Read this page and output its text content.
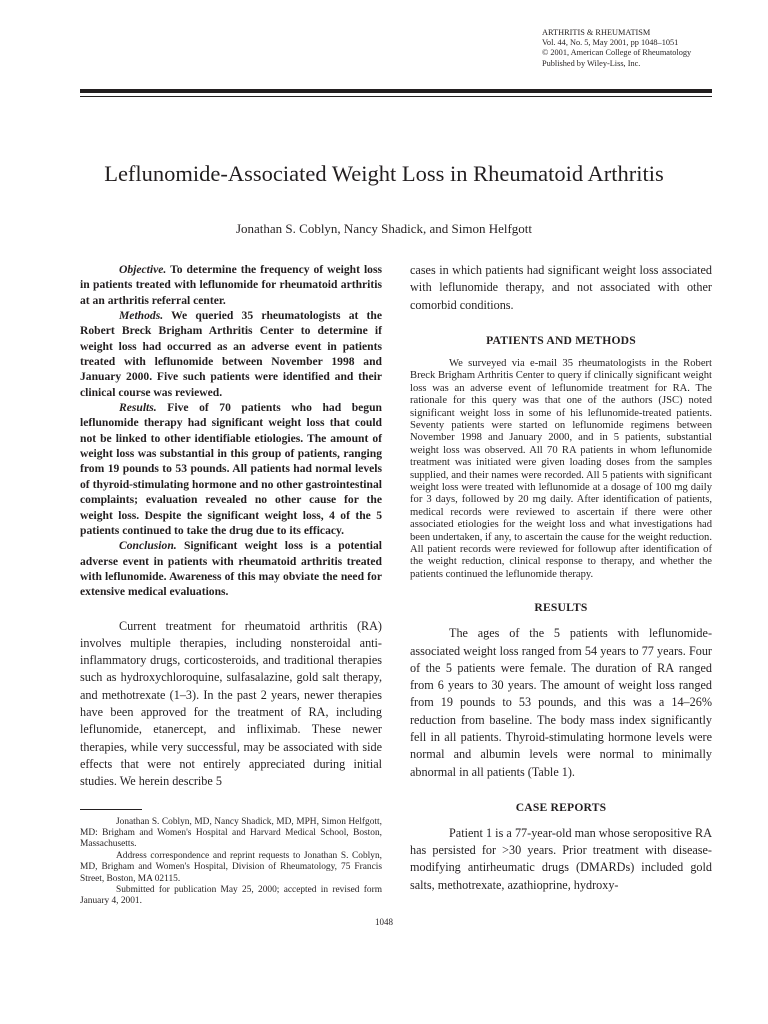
ARTHRITIS & RHEUMATISM
Vol. 44, No. 5, May 2001, pp 1048–1051
© 2001, American College of Rheumatology
Published by Wiley-Liss, Inc.
Leflunomide-Associated Weight Loss in Rheumatoid Arthritis
Jonathan S. Coblyn, Nancy Shadick, and Simon Helfgott

Objective. To determine the frequency of weight loss in patients treated with leflunomide for rheumatoid arthritis at an arthritis referral center.

Methods. We queried 35 rheumatologists at the Robert Breck Brigham Arthritis Center to determine if weight loss had occurred as an adverse event in patients treated with leflunomide between November 1998 and January 2000. Five such patients were identified and their clinical course was reviewed.

Results. Five of 70 patients who had begun leflunomide therapy had significant weight loss that could not be linked to other identifiable etiologies. The amount of weight loss was substantial in this group of patients, ranging from 19 pounds to 53 pounds. All patients had normal levels of thyroid-stimulating hormone and no other gastrointestinal complaints; evaluation revealed no other cause for the weight loss. Despite the significant weight loss, 4 of the 5 patients continued to take the drug due to its efficacy.

Conclusion. Significant weight loss is a potential adverse event in patients with rheumatoid arthritis treated with leflunomide. Awareness of this may obviate the need for extensive medical evaluations.

Current treatment for rheumatoid arthritis (RA) involves multiple therapies, including nonsteroidal anti-inflammatory drugs, corticosteroids, and traditional therapies such as hydroxychloroquine, sulfasalazine, gold salt therapy, and methotrexate (1–3). In the past 2 years, newer therapies have been approved for the treatment of RA, including leflunomide, etanercept, and infliximab. These newer therapies, while very successful, may be associated with side effects that were not entirely appreciated during initial studies. We herein describe 5

Jonathan S. Coblyn, MD, Nancy Shadick, MD, MPH, Simon Helfgott, MD: Brigham and Women's Hospital and Harvard Medical School, Boston, Massachusetts.

Address correspondence and reprint requests to Jonathan S. Coblyn, MD, Brigham and Women's Hospital, Division of Rheumatology, 75 Francis Street, Boston, MA 02115.

Submitted for publication May 25, 2000; accepted in revised form January 4, 2001.

cases in which patients had significant weight loss associated with leflunomide therapy, and not associated with other comorbid conditions.

PATIENTS AND METHODS

We surveyed via e-mail 35 rheumatologists in the Robert Breck Brigham Arthritis Center to query if clinically significant weight loss was an adverse event of leflunomide treatment for RA. The rationale for this query was that one of the authors (JSC) noted significant weight loss in some of his leflunomide-treated patients. Seventy patients were started on leflunomide regimens between November 1998 and January 2000, and in 5 patients, substantial weight loss was observed. All 70 RA patients in whom leflunomide treatment was initiated were given loading doses from the samples supplied, and their names were recorded. All 5 patients with significant weight loss were treated with leflunomide at a dosage of 100 mg daily for 3 days, followed by 20 mg daily. After identification of patients, medical records were reviewed to ascertain if there were other associated etiologies for the weight loss and what investigations had been undertaken, if any, to ascertain the cause for the weight reduction. All patient records were reviewed for followup after identification of the weight reduction, clinical response to therapy, and whether the patients continued the leflunomide therapy.

RESULTS

The ages of the 5 patients with leflunomide-associated weight loss ranged from 54 years to 77 years. Four of the 5 patients were female. The duration of RA ranged from 6 years to 30 years. The amount of weight loss ranged from 19 pounds to 53 pounds, and this was a 14–26% reduction from baseline. The body mass index significantly fell in all patients. Thyroid-stimulating hormone levels were normal and albumin levels were normal to minimally abnormal in all patients (Table 1).

CASE REPORTS

Patient 1 is a 77-year-old man whose seropositive RA has persisted for >30 years. Prior treatment with disease-modifying antirheumatic drugs (DMARDs) included gold salts, methotrexate, azathioprine, hydroxy-

1048
